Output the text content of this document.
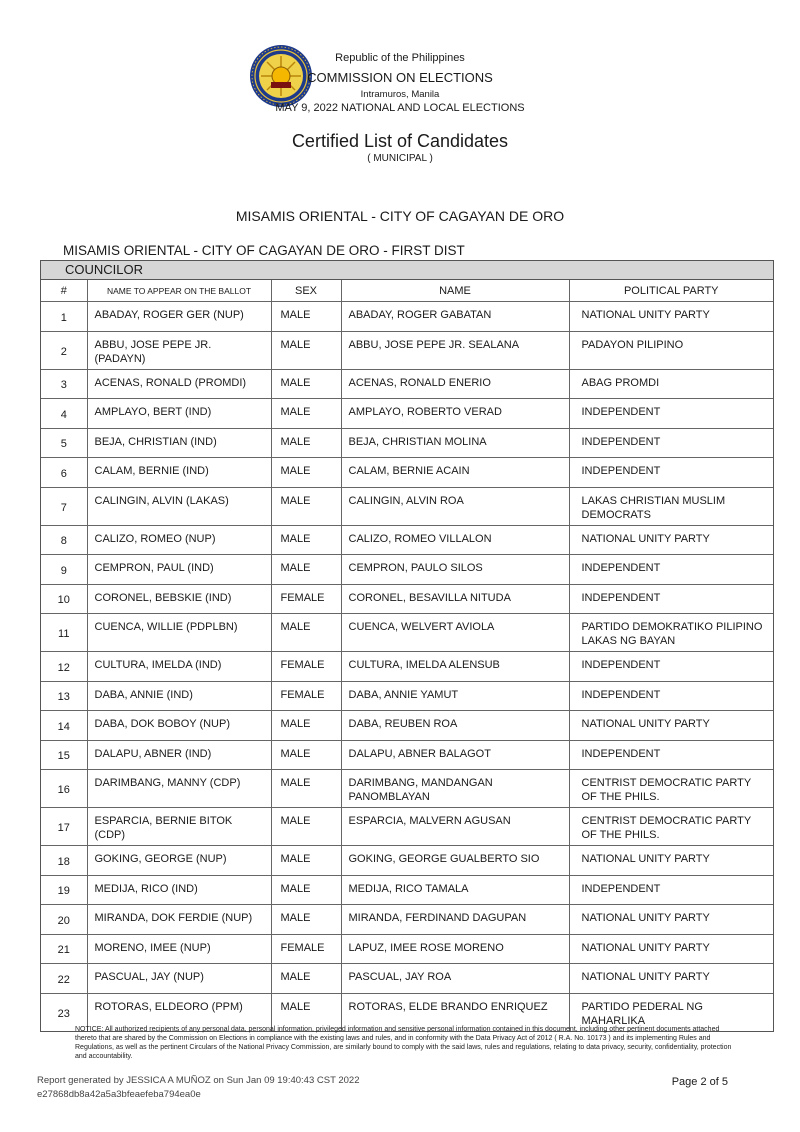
Republic of the Philippines
COMMISSION ON ELECTIONS
Intramuros, Manila
MAY 9, 2022 NATIONAL AND LOCAL ELECTIONS
Certified List of Candidates
( MUNICIPAL )
MISAMIS ORIENTAL - CITY OF CAGAYAN DE ORO
MISAMIS ORIENTAL - CITY OF CAGAYAN DE ORO - FIRST DIST
COUNCILOR
#	NAME TO APPEAR ON THE BALLOT	SEX	NAME	POLITICAL PARTY
1	ABADAY, ROGER GER (NUP)	MALE	ABADAY, ROGER GABATAN	NATIONAL UNITY PARTY
2	ABBU, JOSE PEPE JR. (PADAYN)	MALE	ABBU, JOSE PEPE JR. SEALANA	PADAYON PILIPINO
3	ACENAS, RONALD (PROMDI)	MALE	ACENAS, RONALD ENERIO	ABAG PROMDI
4	AMPLAYO, BERT (IND)	MALE	AMPLAYO, ROBERTO VERAD	INDEPENDENT
5	BEJA, CHRISTIAN (IND)	MALE	BEJA, CHRISTIAN MOLINA	INDEPENDENT
6	CALAM, BERNIE (IND)	MALE	CALAM, BERNIE ACAIN	INDEPENDENT
7	CALINGIN, ALVIN (LAKAS)	MALE	CALINGIN, ALVIN ROA	LAKAS CHRISTIAN MUSLIM DEMOCRATS
8	CALIZO, ROMEO (NUP)	MALE	CALIZO, ROMEO VILLALON	NATIONAL UNITY PARTY
9	CEMPRON, PAUL (IND)	MALE	CEMPRON, PAULO SILOS	INDEPENDENT
10	CORONEL, BEBSKIE (IND)	FEMALE	CORONEL, BESAVILLA NITUDA	INDEPENDENT
11	CUENCA, WILLIE (PDPLBN)	MALE	CUENCA, WELVERT AVIOLA	PARTIDO DEMOKRATIKO PILIPINO LAKAS NG BAYAN
12	CULTURA, IMELDA (IND)	FEMALE	CULTURA, IMELDA ALENSUB	INDEPENDENT
13	DABA, ANNIE (IND)	FEMALE	DABA, ANNIE YAMUT	INDEPENDENT
14	DABA, DOK BOBOY (NUP)	MALE	DABA, REUBEN ROA	NATIONAL UNITY PARTY
15	DALAPU, ABNER (IND)	MALE	DALAPU, ABNER BALAGOT	INDEPENDENT
16	DARIMBANG, MANNY (CDP)	MALE	DARIMBANG, MANDANGAN PANOMBLAYAN	CENTRIST DEMOCRATIC PARTY OF THE PHILS.
17	ESPARCIA, BERNIE BITOK (CDP)	MALE	ESPARCIA, MALVERN AGUSAN	CENTRIST DEMOCRATIC PARTY OF THE PHILS.
18	GOKING, GEORGE (NUP)	MALE	GOKING, GEORGE GUALBERTO SIO	NATIONAL UNITY PARTY
19	MEDIJA, RICO (IND)	MALE	MEDIJA, RICO TAMALA	INDEPENDENT
20	MIRANDA, DOK FERDIE (NUP)	MALE	MIRANDA, FERDINAND DAGUPAN	NATIONAL UNITY PARTY
21	MORENO, IMEE (NUP)	FEMALE	LAPUZ, IMEE ROSE MORENO	NATIONAL UNITY PARTY
22	PASCUAL, JAY (NUP)	MALE	PASCUAL, JAY ROA	NATIONAL UNITY PARTY
23	ROTORAS, ELDEORO (PPM)	MALE	ROTORAS, ELDE BRANDO ENRIQUEZ	PARTIDO PEDERAL NG MAHARLIKA
NOTICE: All authorized recipients of any personal data, personal information, privileged information and sensitive personal information contained in this document, including other pertinent documents attached thereto that are shared by the Commission on Elections in compliance with the existing laws and rules, and in conformity with the Data Privacy Act of 2012 ( R.A. No. 10173 ) and its implementing Rules and Regulations, as well as the pertinent Circulars of the National Privacy Commission, are similarly bound to comply with the said laws, rules and regulations, relating to data privacy, security, confidentiality, protection and accountability.
Report generated by JESSICA A MUÑOZ on Sun Jan 09 19:40:43 CST 2022
e27868db8a42a5a3bfeaefeba794ea0e
Page 2 of 5
